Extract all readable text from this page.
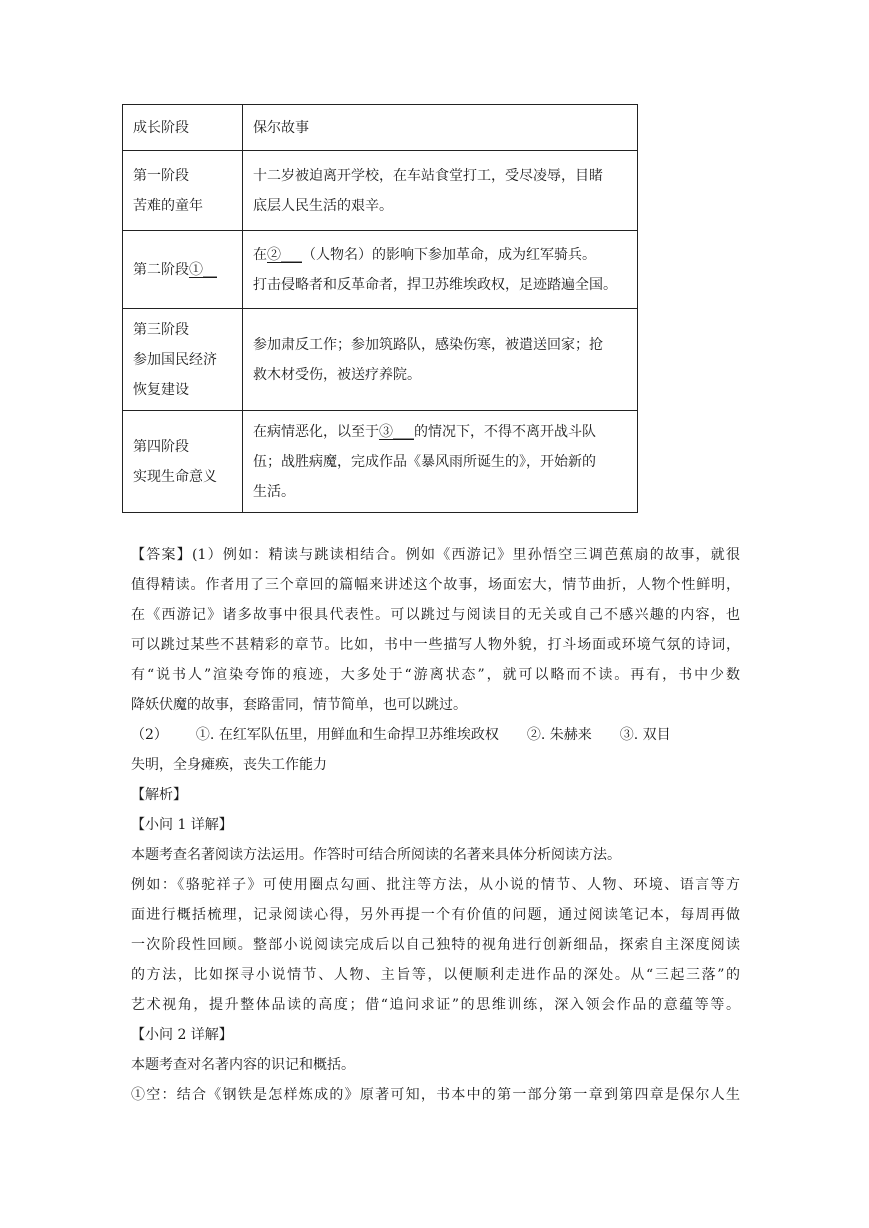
成长阶段	保尔故事

第一阶段
苦难的童年	十二岁被迫离开学校，在车站食堂打工，受尽凌辱，目睹
底层人民生活的艰辛。

第二阶段①__	在②___（人物名）的影响下参加革命，成为红军骑兵。
打击侵略者和反革命者，捍卫苏维埃政权，足迹踏遍全国。

第三阶段
参加国民经济
恢复建设	参加肃反工作；参加筑路队，感染伤寒，被遣送回家；抢
救木材受伤，被送疗养院。

第四阶段
实现生命意义	在病情恶化，以至于③___的情况下，不得不离开战斗队
伍；战胜病魔，完成作品《暴风雨所诞生的》，开始新的
生活。
【答案】(1）例如：精读与跳读相结合。例如《西游记》里孙悟空三调芭蕉扇的故事，就很
值得精读。作者用了三个章回的篇幅来讲述这个故事，场面宏大，情节曲折，人物个性鲜明，
在《西游记》诸多故事中很具代表性。可以跳过与阅读目的无关或自己不感兴趣的内容，也
可以跳过某些不甚精彩的章节。比如，书中一些描写人物外貌，打斗场面或环境气氛的诗词，
有“说书人”渲染夸饰的痕迹，大多处于“游离状态”，就可以略而不读。再有，书中少数
降妖伏魔的故事，套路雷同，情节简单，也可以跳过。
（2） ①. 在红军队伍里，用鲜血和生命捍卫苏维埃政权 ②. 朱赫来 ③. 双目
失明，全身瘫痪，丧失工作能力
【解析】
【小问 1 详解】
本题考查名著阅读方法运用。作答时可结合所阅读的名著来具体分析阅读方法。
例如：《骆驼祥子》可使用圈点勾画、批注等方法，从小说的情节、人物、环境、语言等方
面进行概括梳理，记录阅读心得，另外再提一个有价值的问题，通过阅读笔记本，每周再做
一次阶段性回顾。整部小说阅读完成后以自己独特的视角进行创新细品，探索自主深度阅读
的方法，比如探寻小说情节、人物、主旨等，以便顺利走进作品的深处。从“三起三落”的
艺术视角，提升整体品读的高度；借“追问求证”的思维训练，深入领会作品的意蕴等等。
【小问 2 详解】
本题考查对名著内容的识记和概括。
①空：结合《钢铁是怎样炼成的》原著可知，书本中的第一部分第一章到第四章是保尔人生
